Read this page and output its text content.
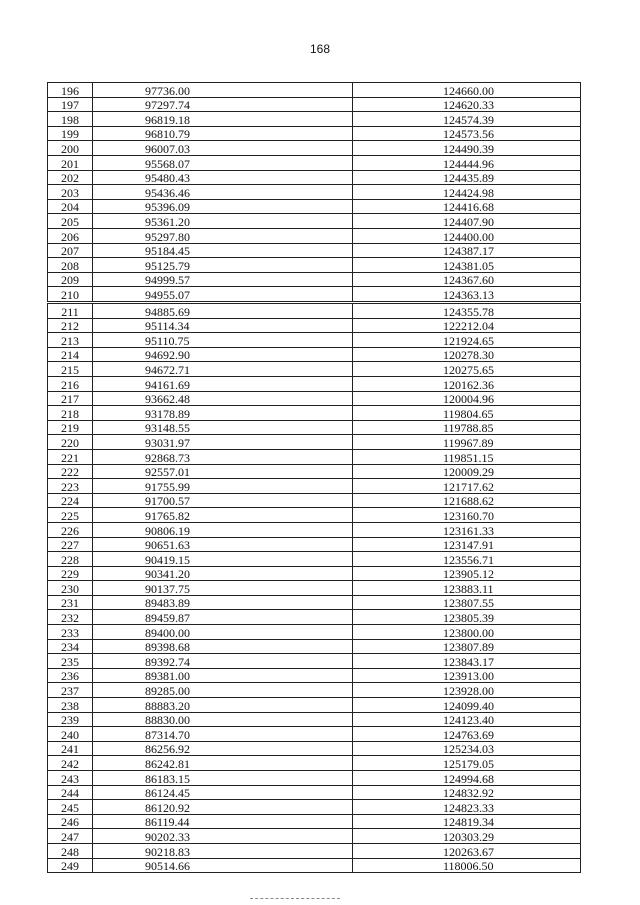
168
196	97736.00	124660.00
197	97297.74	124620.33
198	96819.18	124574.39
199	96810.79	124573.56
200	96007.03	124490.39
201	95568.07	124444.96
202	95480.43	124435.89
203	95436.46	124424.98
204	95396.09	124416.68
205	95361.20	124407.90
206	95297.80	124400.00
207	95184.45	124387.17
208	95125.79	124381.05
209	94999.57	124367.60
210	94955.07	124363.13
211	94885.69	124355.78
212	95114.34	122212.04
213	95110.75	121924.65
214	94692.90	120278.30
215	94672.71	120275.65
216	94161.69	120162.36
217	93662.48	120004.96
218	93178.89	119804.65
219	93148.55	119788.85
220	93031.97	119967.89
221	92868.73	119851.15
222	92557.01	120009.29
223	91755.99	121717.62
224	91700.57	121688.62
225	91765.82	123160.70
226	90806.19	123161.33
227	90651.63	123147.91
228	90419.15	123556.71
229	90341.20	123905.12
230	90137.75	123883.11
231	89483.89	123807.55
232	89459.87	123805.39
233	89400.00	123800.00
234	89398.68	123807.89
235	89392.74	123843.17
236	89381.00	123913.00
237	89285.00	123928.00
238	88883.20	124099.40
239	88830.00	124123.40
240	87314.70	124763.69
241	86256.92	125234.03
242	86242.81	125179.05
243	86183.15	124994.68
244	86124.45	124832.92
245	86120.92	124823.33
246	86119.44	124819.34
247	90202.33	120303.29
248	90218.83	120263.67
249	90514.66	118006.50
